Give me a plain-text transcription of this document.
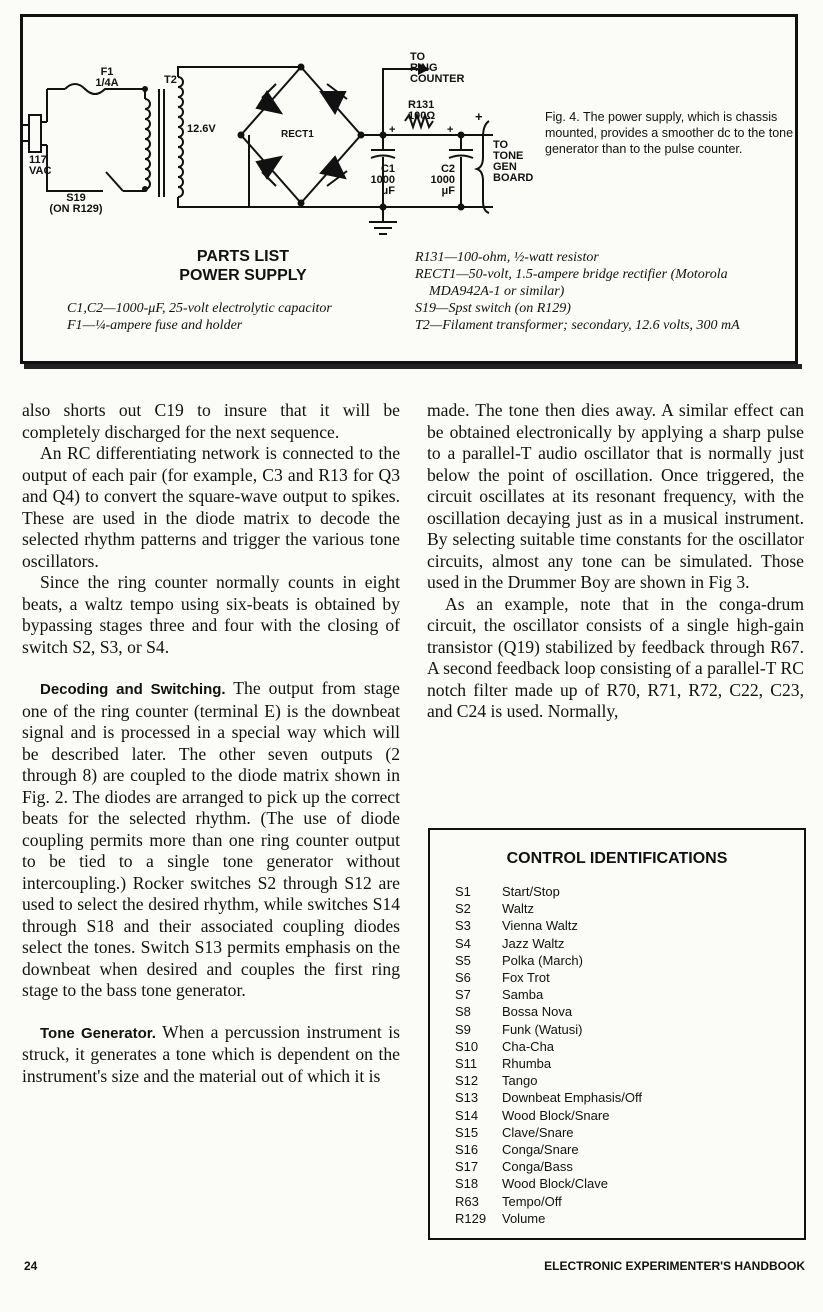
TO
RING
COUNTER
R131
100Ω	+
+	+
TO
TONE
GEN
BOARD
C1
1000
μF
C2
1000
μF
RECT1
T2
12.6V
F1
1/4A
117
VAC
S19
(ON R129)
Fig. 4. The power supply, which is chassis mounted, provides a smoother dc to the tone generator than to the pulse counter.
PARTS LIST
POWER SUPPLY
C1,C2—1000-μF, 25-volt electrolytic capacitor
F1—¼-ampere fuse and holder
R131—100-ohm, ½-watt resistor
RECT1—50-volt, 1.5-ampere bridge rectifier (Motorola MDA942A-1 or similar)
S19—Spst switch (on R129)
T2—Filament transformer; secondary, 12.6 volts, 300 mA

also shorts out C19 to insure that it will be completely discharged for the next sequence.

An RC differentiating network is connected to the output of each pair (for example, C3 and R13 for Q3 and Q4) to convert the square-wave output to spikes. These are used in the diode matrix to decode the selected rhythm patterns and trigger the various tone oscillators.

Since the ring counter normally counts in eight beats, a waltz tempo using six-beats is obtained by bypassing stages three and four with the closing of switch S2, S3, or S4.

Decoding and Switching. The output from stage one of the ring counter (terminal E) is the downbeat signal and is processed in a special way which will be described later. The other seven outputs (2 through 8) are coupled to the diode matrix shown in Fig. 2. The diodes are arranged to pick up the correct beats for the selected rhythm. (The use of diode coupling permits more than one ring counter output to be tied to a single tone generator without intercoupling.) Rocker switches S2 through S12 are used to select the desired rhythm, while switches S14 through S18 and their associated coupling diodes select the tones. Switch S13 permits emphasis on the downbeat when desired and couples the first ring stage to the bass tone generator.

Tone Generator. When a percussion instrument is struck, it generates a tone which is dependent on the instrument's size and the material out of which it is

made. The tone then dies away. A similar effect can be obtained electronically by applying a sharp pulse to a parallel-T audio oscillator that is normally just below the point of oscillation. Once triggered, the circuit oscillates at its resonant frequency, with the oscillation decaying just as in a musical instrument. By selecting suitable time constants for the oscillator circuits, almost any tone can be simulated. Those used in the Drummer Boy are shown in Fig 3.

As an example, note that in the conga-drum circuit, the oscillator consists of a single high-gain transistor (Q19) stabilized by feedback through R67. A second feedback loop consisting of a parallel-T RC notch filter made up of R70, R71, R72, C22, C23, and C24 is used. Normally,

CONTROL IDENTIFICATIONS
S1 Start/Stop
S2 Waltz
S3 Vienna Waltz
S4 Jazz Waltz
S5 Polka (March)
S6 Fox Trot
S7 Samba
S8 Bossa Nova
S9 Funk (Watusi)
S10 Cha-Cha
S11 Rhumba
S12 Tango
S13 Downbeat Emphasis/Off
S14 Wood Block/Snare
S15 Clave/Snare
S16 Conga/Snare
S17 Conga/Bass
S18 Wood Block/Clave
R63 Tempo/Off
R129 Volume
24	ELECTRONIC EXPERIMENTER'S HANDBOOK
